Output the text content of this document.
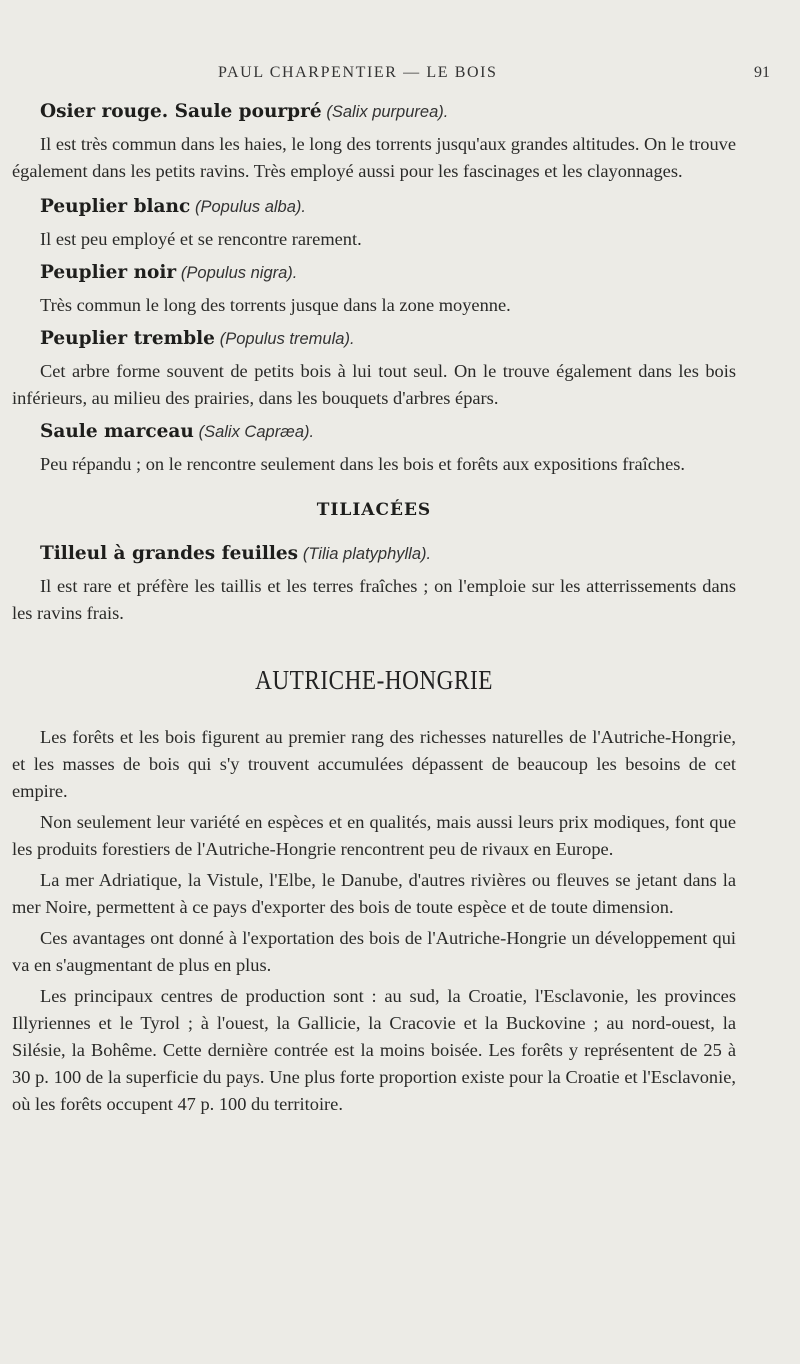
PAUL CHARPENTIER — LE BOIS	91
Osier rouge. Saule pourpré (Salix purpurea).

Il est très commun dans les haies, le long des torrents jusqu'aux grandes altitudes. On le trouve également dans les petits ravins. Très employé aussi pour les fascinages et les clayonnages.

Peuplier blanc (Populus alba).

Il est peu employé et se rencontre rarement.

Peuplier noir (Populus nigra).

Très commun le long des torrents jusque dans la zone moyenne.

Peuplier tremble (Populus tremula).

Cet arbre forme souvent de petits bois à lui tout seul. On le trouve également dans les bois inférieurs, au milieu des prairies, dans les bouquets d'arbres épars.

Saule marceau (Salix Capræa).

Peu répandu ; on le rencontre seulement dans les bois et forêts aux expositions fraîches.

TILIACÉES
Tilleul à grandes feuilles (Tilia platyphylla).

Il est rare et préfère les taillis et les terres fraîches ; on l'emploie sur les atterrissements dans les ravins frais.

AUTRICHE-HONGRIE

Les forêts et les bois figurent au premier rang des richesses naturelles de l'Autriche-Hongrie, et les masses de bois qui s'y trouvent accumulées dépassent de beaucoup les besoins de cet empire.

Non seulement leur variété en espèces et en qualités, mais aussi leurs prix modiques, font que les produits forestiers de l'Autriche-Hongrie rencontrent peu de rivaux en Europe.

La mer Adriatique, la Vistule, l'Elbe, le Danube, d'autres rivières ou fleuves se jetant dans la mer Noire, permettent à ce pays d'exporter des bois de toute espèce et de toute dimension.

Ces avantages ont donné à l'exportation des bois de l'Autriche-Hongrie un développement qui va en s'augmentant de plus en plus.

Les principaux centres de production sont : au sud, la Croatie, l'Esclavonie, les provinces Illyriennes et le Tyrol ; à l'ouest, la Gallicie, la Cracovie et la Buckovine ; au nord-ouest, la Silésie, la Bohême. Cette dernière contrée est la moins boisée. Les forêts y représentent de 25 à 30 p. 100 de la superficie du pays. Une plus forte proportion existe pour la Croatie et l'Esclavonie, où les forêts occupent 47 p. 100 du territoire.
